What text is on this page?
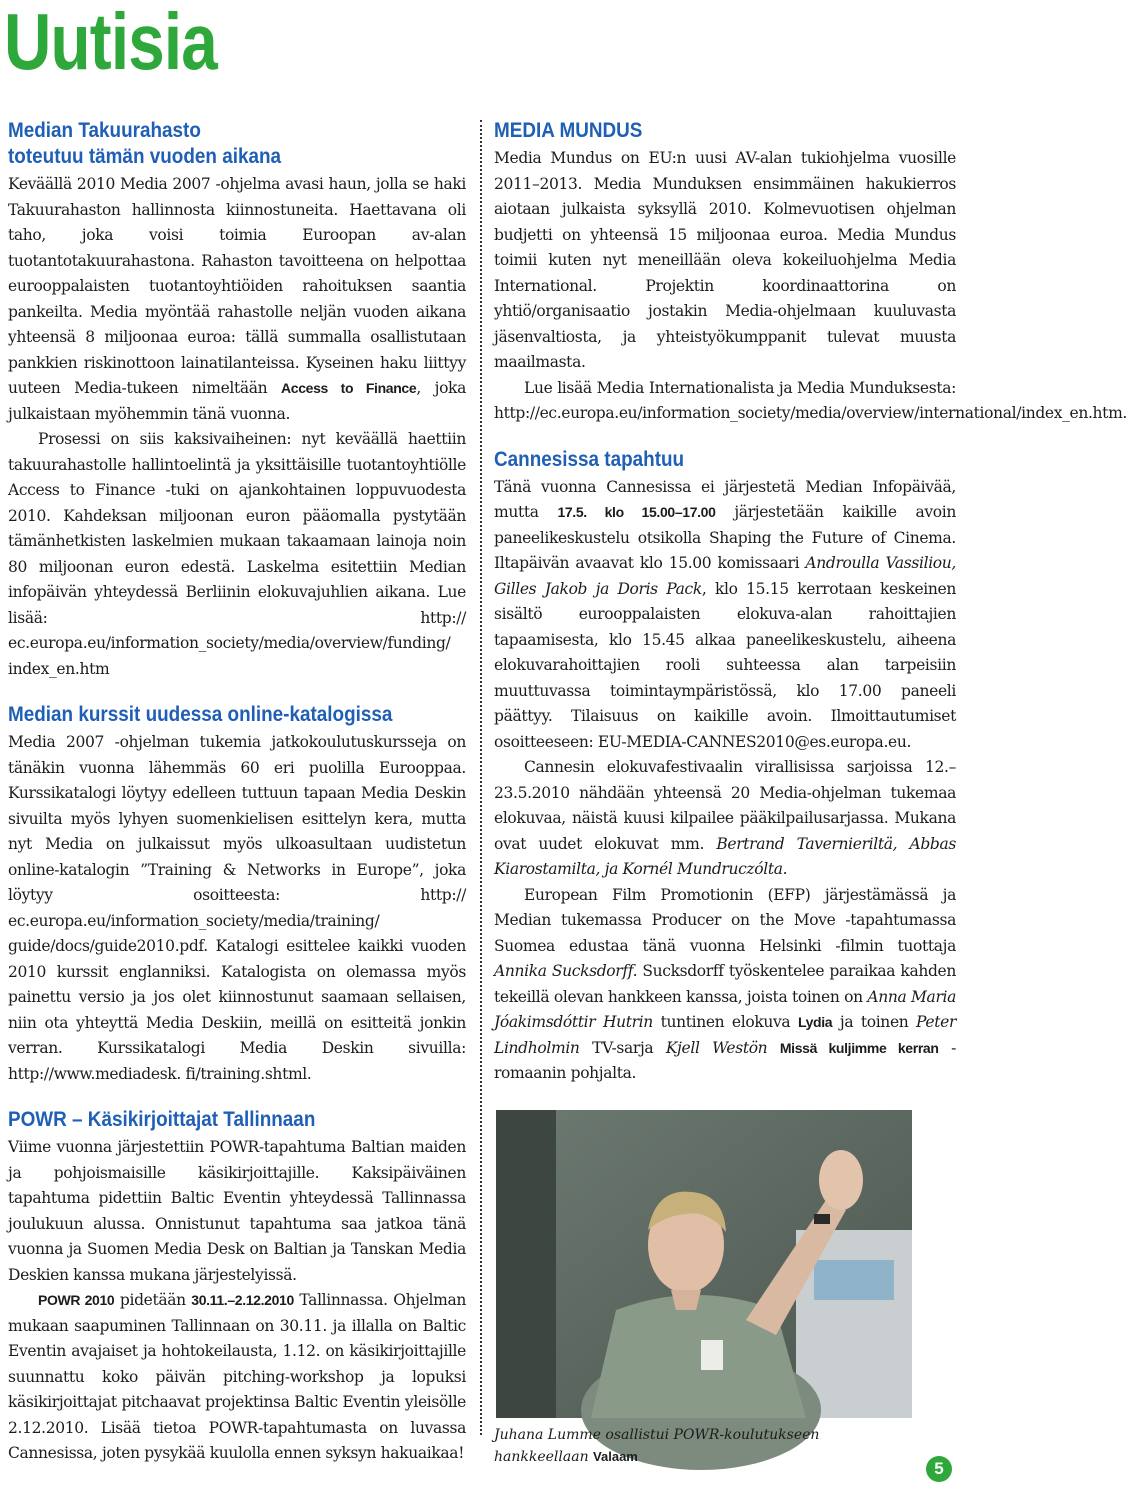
Uutisia
Median Takuurahasto
toteutuu tämän vuoden aikana

Keväällä 2010 Media 2007 -ohjelma avasi haun, jolla se haki Takuurahaston hallinnosta kiinnostuneita. Haettavana oli taho, joka voisi toimia Euroopan av-alan tuotantotakuurahastona. Rahaston tavoitteena on helpottaa eurooppalaisten tuotantoyhtiöiden rahoituksen saantia pankeilta. Media myöntää rahastolle neljän vuoden aikana yhteensä 8 miljoonaa euroa: tällä summalla osallistutaan pankkien riskinottoon lainatilanteissa. Kyseinen haku liittyy uuteen Media-tukeen nimeltään Access to Finance, joka julkaistaan myöhemmin tänä vuonna.

Prosessi on siis kaksivaiheinen: nyt keväällä haettiin takuurahastolle hallintoelintä ja yksittäisille tuotantoyhtiölle Access to Finance -tuki on ajankohtainen loppuvuodesta 2010. Kahdeksan miljoonan euron pääomalla pystytään tämänhetkisten laskelmien mukaan takaamaan lainoja noin 80 miljoonan euron edestä. Laskelma esitettiin Median infopäivän yhteydessä Berliinin elokuvajuhlien aikana. Lue lisää: http:// ec.europa.eu/information_society/media/overview/funding/ index_en.htm

Median kurssit uudessa online-katalogissa

Media 2007 -ohjelman tukemia jatkokoulutuskursseja on tänäkin vuonna lähemmäs 60 eri puolilla Eurooppaa. Kurssikatalogi löytyy edelleen tuttuun tapaan Media Deskin sivuilta myös lyhyen suomenkielisen esittelyn kera, mutta nyt Media on julkaissut myös ulkoasultaan uudistetun online-katalogin ”Training & Networks in Europe”, joka löytyy osoitteesta: http:// ec.europa.eu/information_society/media/training/ guide/docs/guide2010.pdf. Katalogi esittelee kaikki vuoden 2010 kurssit englanniksi. Katalogista on olemassa myös painettu versio ja jos olet kiinnostunut saamaan sellaisen, niin ota yhteyttä Media Deskiin, meillä on esitteitä jonkin verran. Kurssikatalogi Media Deskin sivuilla: http://www.mediadesk. fi/training.shtml.

POWR – Käsikirjoittajat Tallinnaan

Viime vuonna järjestettiin POWR-tapahtuma Baltian maiden ja pohjoismaisille käsikirjoittajille. Kaksipäiväinen tapahtuma pidettiin Baltic Eventin yhteydessä Tallinnassa joulukuun alussa. Onnistunut tapahtuma saa jatkoa tänä vuonna ja Suomen Media Desk on Baltian ja Tanskan Media Deskien kanssa mukana järjestelyissä.

POWR 2010 pidetään 30.11.–2.12.2010 Tallinnassa. Ohjelman mukaan saapuminen Tallinnaan on 30.11. ja illalla on Baltic Eventin avajaiset ja hohtokeilausta, 1.12. on käsikirjoittajille suunnattu koko päivän pitching-workshop ja lopuksi käsikirjoittajat pitchaavat projektinsa Baltic Eventin yleisölle 2.12.2010. Lisää tietoa POWR-tapahtumasta on luvassa Cannesissa, joten pysykää kuulolla ennen syksyn hakuaikaa!

MEDIA MUNDUS

Media Mundus on EU:n uusi AV-alan tukiohjelma vuosille 2011–2013. Media Munduksen ensimmäinen hakukierros aiotaan julkaista syksyllä 2010. Kolmevuotisen ohjelman budjetti on yhteensä 15 miljoonaa euroa. Media Mundus toimii kuten nyt meneillään oleva kokeiluohjelma Media International. Projektin koordinaattorina on yhtiö/organisaatio jostakin Media-ohjelmaan kuuluvasta jäsenvaltiosta, ja yhteistyökumppanit tulevat muusta maailmasta.

Lue lisää Media Internationalista ja Media Munduksesta: http://ec.europa.eu/information_society/media/overview/international/index_en.htm.

Cannesissa tapahtuu

Tänä vuonna Cannesissa ei järjestetä Median Infopäivää, mutta 17.5. klo 15.00–17.00 järjestetään kaikille avoin paneelikeskustelu otsikolla Shaping the Future of Cinema. Iltapäivän avaavat klo 15.00 komissaari Androulla Vassiliou, Gilles Jakob ja Doris Pack, klo 15.15 kerrotaan keskeinen sisältö eurooppalaisten elokuva-alan rahoittajien tapaamisesta, klo 15.45 alkaa paneelikeskustelu, aiheena elokuvarahoittajien rooli suhteessa alan tarpeisiin muuttuvassa toimintaympäristössä, klo 17.00 paneeli päättyy. Tilaisuus on kaikille avoin. Ilmoittautumiset osoitteeseen: EU-MEDIA-CANNES2010@es.europa.eu.

Cannesin elokuvafestivaalin virallisissa sarjoissa 12.–23.5.2010 nähdään yhteensä 20 Media-ohjelman tukemaa elokuvaa, näistä kuusi kilpailee pääkilpailusarjassa. Mukana ovat uudet elokuvat mm. Bertrand Tavernieriltä, Abbas Kiarostamilta, ja Kornél Mundruczólta.

European Film Promotionin (EFP) järjestämässä ja Median tukemassa Producer on the Move -tapahtumassa Suomea edustaa tänä vuonna Helsinki -filmin tuottaja Annika Sucksdorff. Sucksdorff työskentelee paraikaa kahden tekeillä olevan hankkeen kanssa, joista toinen on Anna Maria Jóakimsdóttir Hutrin tuntinen elokuva Lydia ja toinen Peter Lindholmin TV-sarja Kjell Westön Missä kuljimme kerran -romaanin pohjalta.

Juhana Lumme osallistui POWR-koulutukseen hankkeellaan Valaam
5
